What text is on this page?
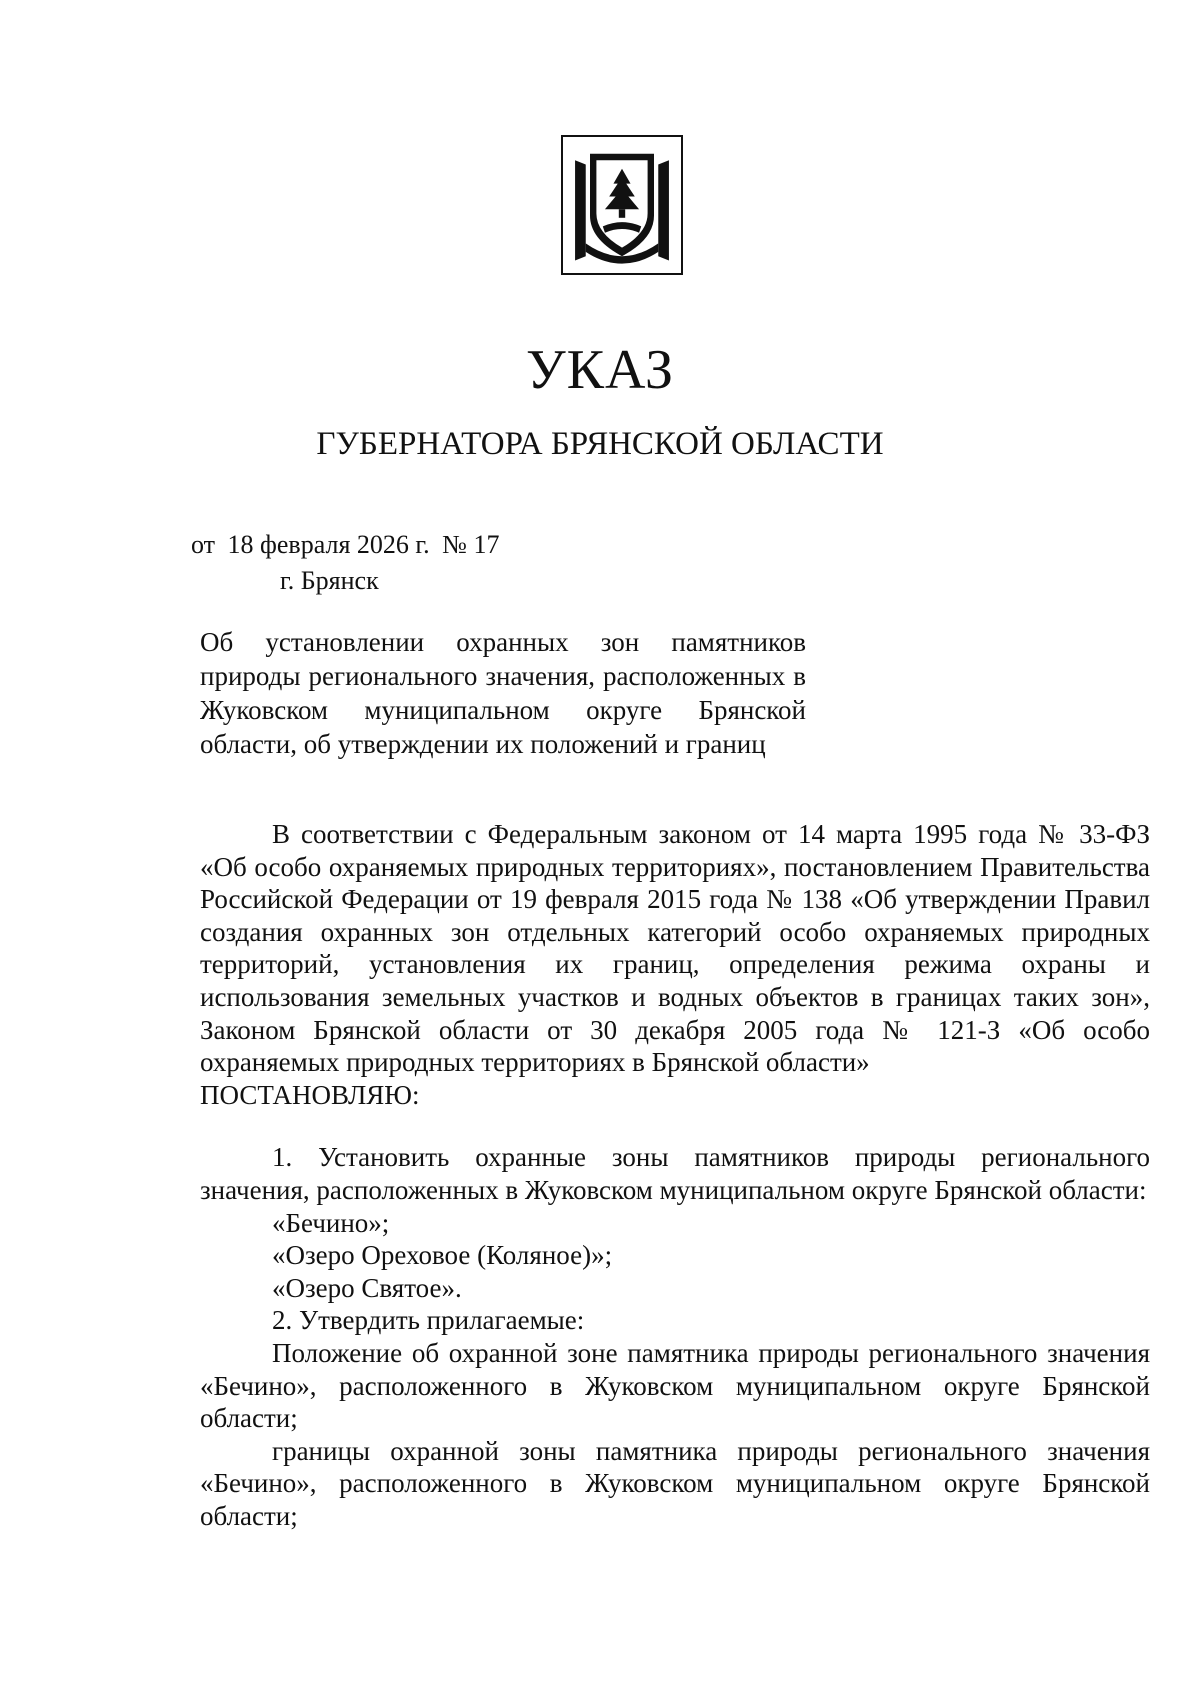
УКАЗ
ГУБЕРНАТОРА БРЯНСКОЙ ОБЛАСТИ
от 18 февраля 2026 г. № 17
г. Брянск

Об установлении охранных зон памятников природы регионального значения, расположенных в Жуковском муниципальном округе Брянской области, об утверждении их положений и границ

В соответствии с Федеральным законом от 14 марта 1995 года № 33-ФЗ «Об особо охраняемых природных территориях», постановлением Правительства Российской Федерации от 19 февраля 2015 года № 138 «Об утверждении Правил создания охранных зон отдельных категорий особо охраняемых природных территорий, установления их границ, определения режима охраны и использования земельных участков и водных объектов в границах таких зон», Законом Брянской области от 30 декабря 2005 года № 121-З «Об особо охраняемых природных территориях в Брянской области»

ПОСТАНОВЛЯЮ:

1. Установить охранные зоны памятников природы регионального значения, расположенных в Жуковском муниципальном округе Брянской области:

«Бечино»;

«Озеро Ореховое (Коляное)»;

«Озеро Святое».

2. Утвердить прилагаемые:

Положение об охранной зоне памятника природы регионального значения «Бечино», расположенного в Жуковском муниципальном округе Брянской области;

границы охранной зоны памятника природы регионального значения «Бечино», расположенного в Жуковском муниципальном округе Брянской области;
